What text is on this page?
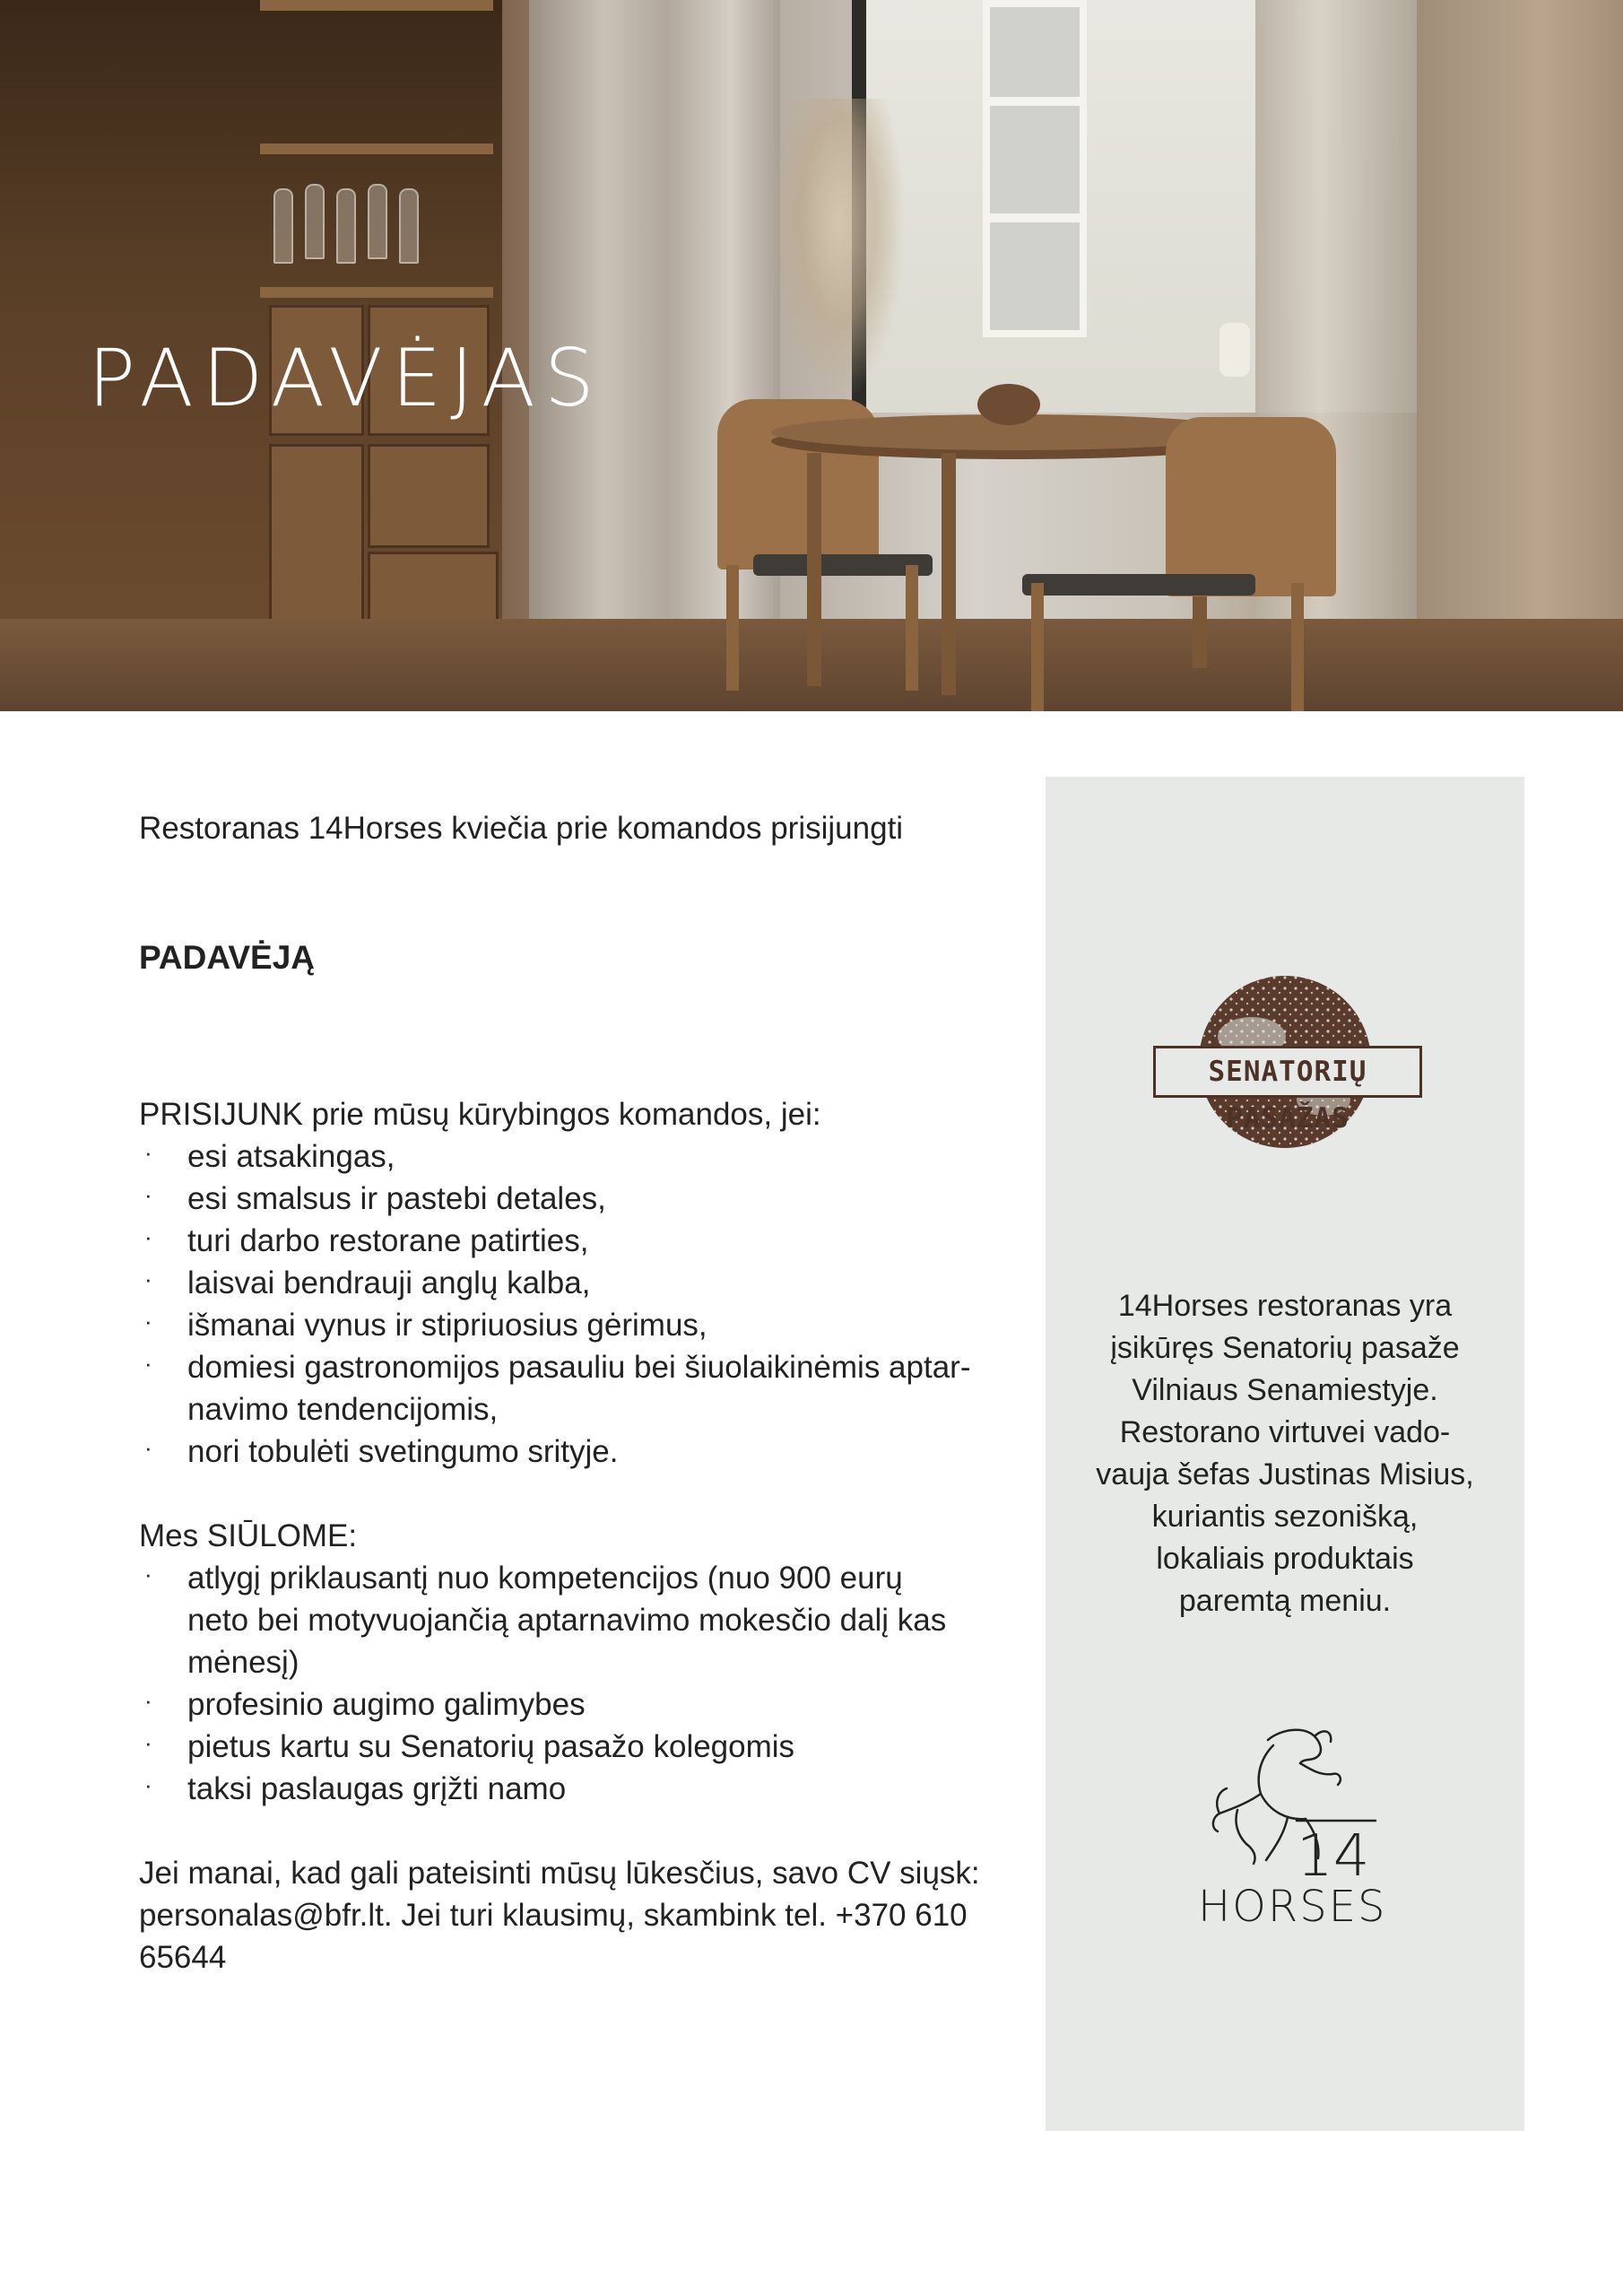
PADAVĖJAS

Restoranas 14Horses kviečia prie komandos prisijungti

PADAVĖJĄ

PRISIJUNK prie mūsų kūrybingos komandos, jei:

· esi atsakingas,
· esi smalsus ir pastebi detales,
· turi darbo restorane patirties,
· laisvai bendrauji anglų kalba,
· išmanai vynus ir stipriuosius gėrimus,
· domiesi gastronomijos pasauliu bei šiuolaikinėmis aptar-
navimo tendencijomis,
· nori tobulėti svetingumo srityje.

Mes SIŪLOME:

· atlygį priklausantį nuo kompetencijos (nuo 900 eurų
neto bei motyvuojančią aptarnavimo mokesčio dalį kas
mėnesį)
· profesinio augimo galimybes
· pietus kartu su Senatorių pasažo kolegomis
· taksi paslaugas grįžti namo

Jei manai, kad gali pateisinti mūsų lūkesčius, savo CV siųsk:
personalas@bfr.lt. Jei turi klausimų, skambink tel. +370 610
65644

SENATORIŲ PASAŽAS

14Horses restoranas yra
įsikūręs Senatorių pasaže
Vilniaus Senamiestyje.
Restorano virtuvei vado-
vauja šefas Justinas Misius,
kuriantis sezonišką,
lokaliais produktais
paremtą meniu.

14
HORSES
